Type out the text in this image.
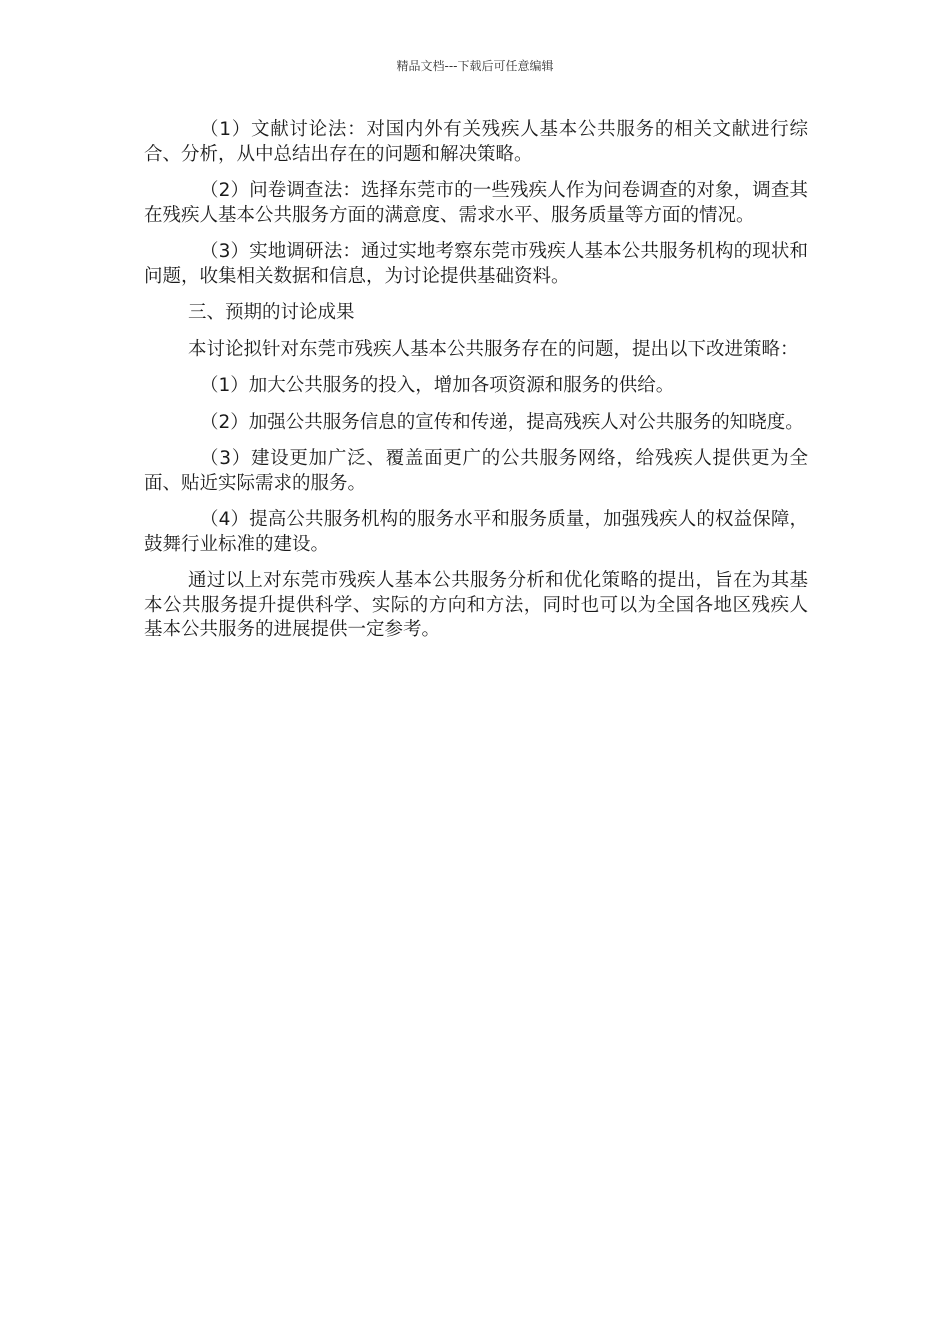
精品文档---下载后可任意编辑

（1）文献讨论法：对国内外有关残疾人基本公共服务的相关文献进行综合、分析，从中总结出存在的问题和解决策略。

（2）问卷调查法：选择东莞市的一些残疾人作为问卷调查的对象，调查其在残疾人基本公共服务方面的满意度、需求水平、服务质量等方面的情况。

（3）实地调研法：通过实地考察东莞市残疾人基本公共服务机构的现状和问题，收集相关数据和信息，为讨论提供基础资料。

三、预期的讨论成果

本讨论拟针对东莞市残疾人基本公共服务存在的问题，提出以下改进策略：

（1）加大公共服务的投入，增加各项资源和服务的供给。

（2）加强公共服务信息的宣传和传递，提高残疾人对公共服务的知晓度。

（3）建设更加广泛、覆盖面更广的公共服务网络，给残疾人提供更为全面、贴近实际需求的服务。

（4）提高公共服务机构的服务水平和服务质量，加强残疾人的权益保障，鼓舞行业标准的建设。

通过以上对东莞市残疾人基本公共服务分析和优化策略的提出，旨在为其基本公共服务提升提供科学、实际的方向和方法，同时也可以为全国各地区残疾人基本公共服务的进展提供一定参考。
